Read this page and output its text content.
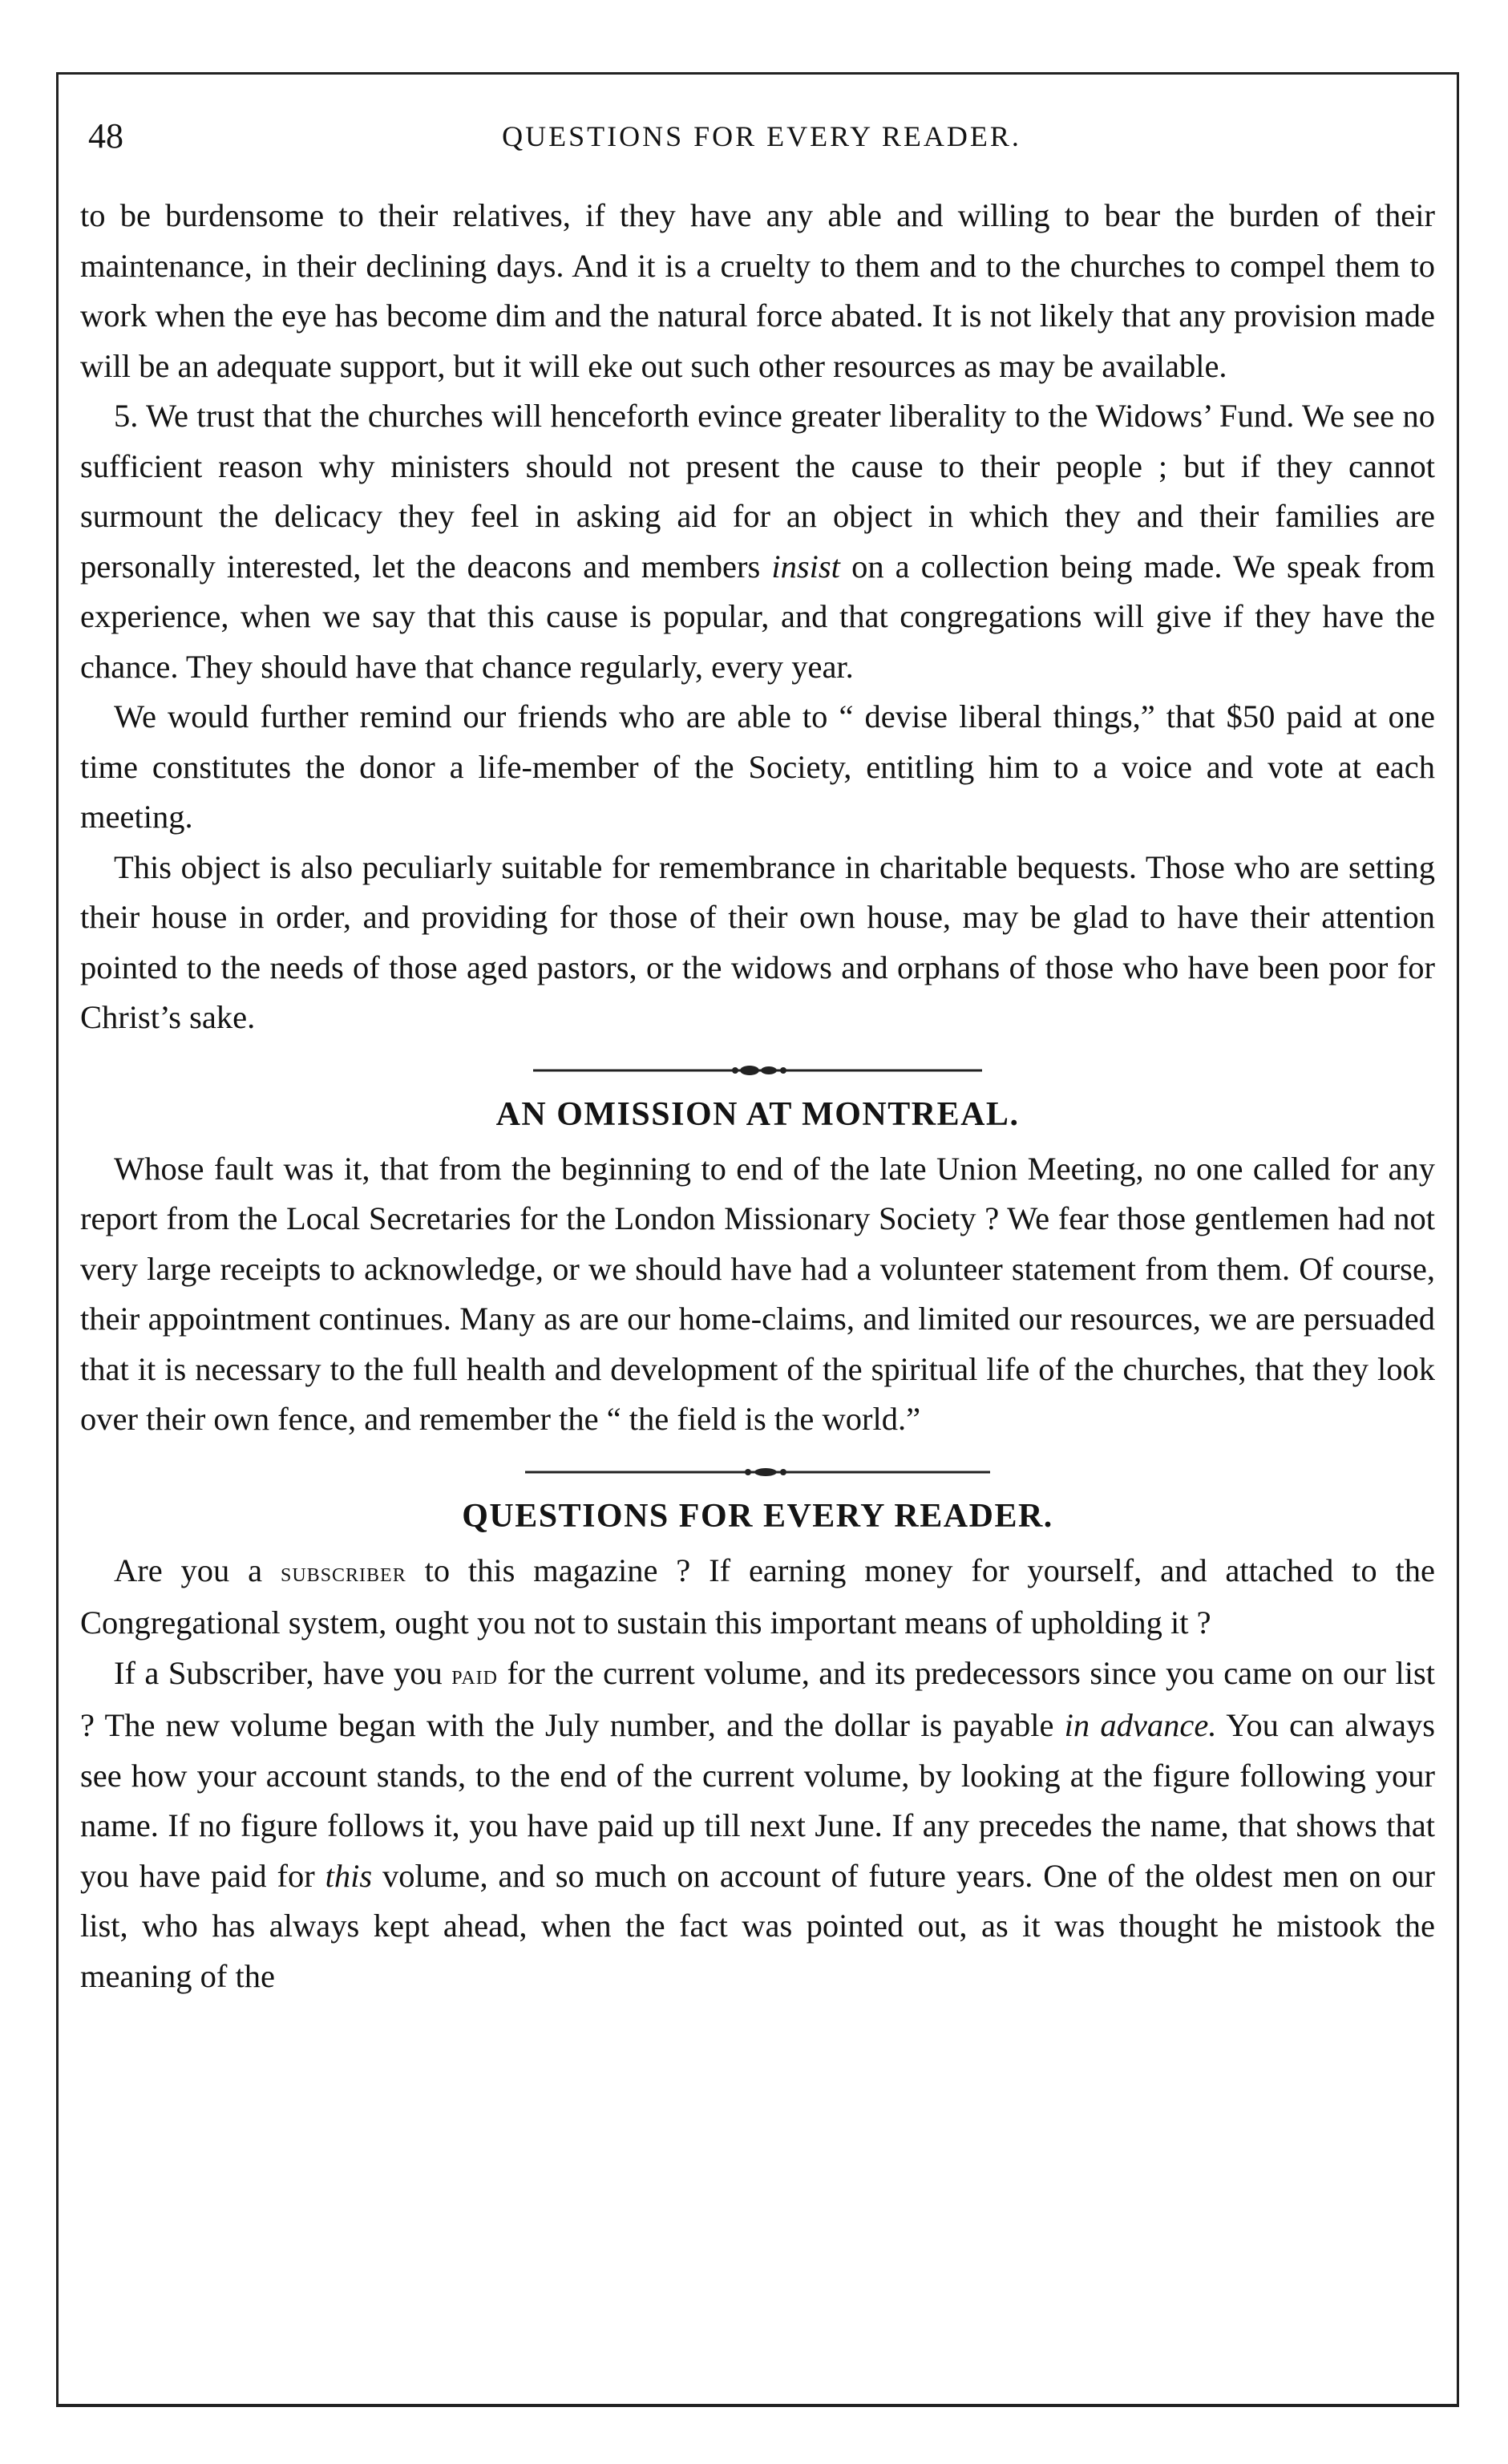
48	QUESTIONS FOR EVERY READER.

to be burdensome to their relatives, if they have any able and willing to bear the burden of their maintenance, in their declining days. And it is a cruelty to them and to the churches to compel them to work when the eye has become dim and the natural force abated. It is not likely that any provision made will be an adequate support, but it will eke out such other resources as may be available.

5. We trust that the churches will henceforth evince greater liberality to the Widows’ Fund. We see no sufficient reason why ministers should not present the cause to their people ; but if they cannot surmount the delicacy they feel in asking aid for an object in which they and their families are personally interested, let the deacons and members insist on a collection being made. We speak from experience, when we say that this cause is popular, and that congregations will give if they have the chance. They should have that chance regularly, every year.

We would further remind our friends who are able to “ devise liberal things,” that $50 paid at one time constitutes the donor a life-member of the Society, entitling him to a voice and vote at each meeting.

This object is also peculiarly suitable for remembrance in charitable bequests. Those who are setting their house in order, and providing for those of their own house, may be glad to have their attention pointed to the needs of those aged pastors, or the widows and orphans of those who have been poor for Christ’s sake.

AN OMISSION AT MONTREAL.

Whose fault was it, that from the beginning to end of the late Union Meeting, no one called for any report from the Local Secretaries for the London Missionary Society ? We fear those gentlemen had not very large receipts to acknowledge, or we should have had a volunteer statement from them. Of course, their appointment continues. Many as are our home-claims, and limited our resources, we are persuaded that it is necessary to the full health and development of the spiritual life of the churches, that they look over their own fence, and remember the “ the field is the world.”

QUESTIONS FOR EVERY READER.

Are you a subscriber to this magazine ? If earning money for yourself, and attached to the Congregational system, ought you not to sustain this important means of upholding it ?

If a Subscriber, have you paid for the current volume, and its predecessors since you came on our list ? The new volume began with the July number, and the dollar is payable in advance. You can always see how your account stands, to the end of the current volume, by looking at the figure following your name. If no figure follows it, you have paid up till next June. If any precedes the name, that shows that you have paid for this volume, and so much on account of future years. One of the oldest men on our list, who has always kept ahead, when the fact was pointed out, as it was thought he mistook the meaning of the
